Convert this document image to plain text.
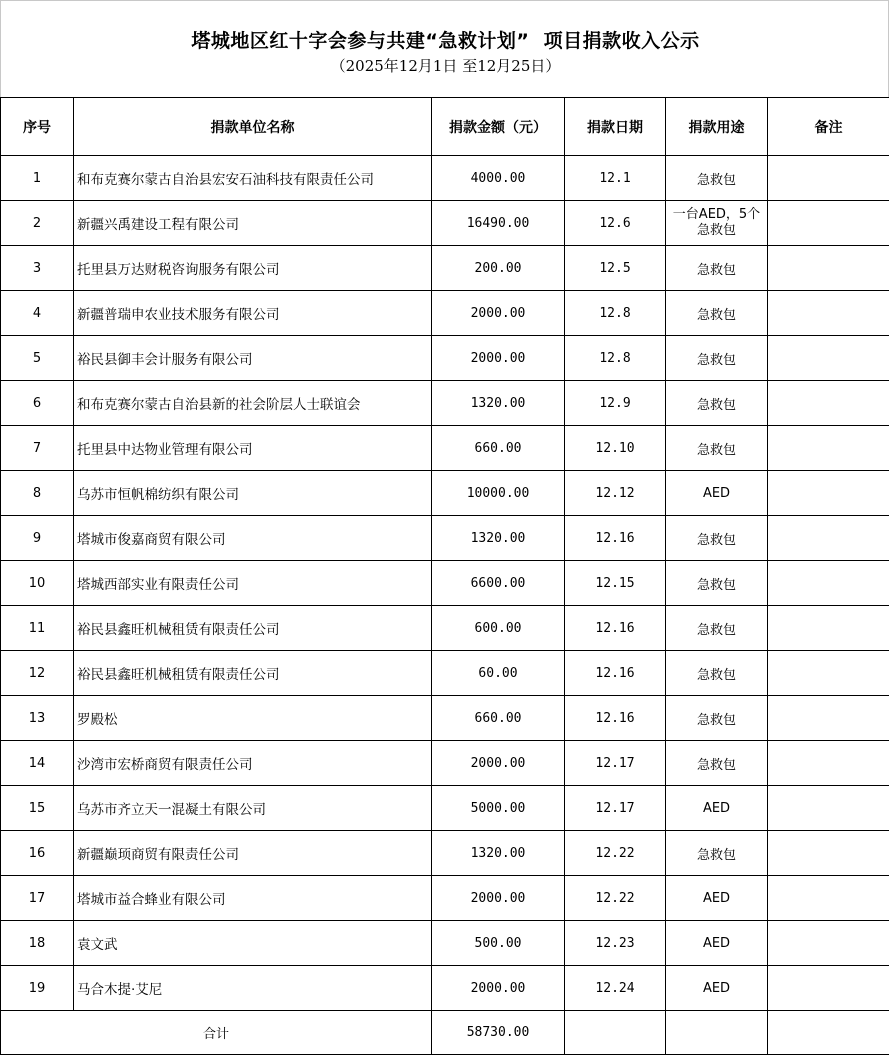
塔城地区红十字会参与共建“急救计划”  项目捐款收入公示
（2025年12月1日 至12月25日）
序号	捐款单位名称	捐款金额（元）	捐款日期	捐款用途	备注
1	和布克赛尔蒙古自治县宏安石油科技有限责任公司	4000.00	12.1	急救包	
2	新疆兴禹建设工程有限公司	16490.00	12.6	一台AED，5个急救包	
3	托里县万达财税咨询服务有限公司	200.00	12.5	急救包	
4	新疆普瑞申农业技术服务有限公司	2000.00	12.8	急救包	
5	裕民县御丰会计服务有限公司	2000.00	12.8	急救包	
6	和布克赛尔蒙古自治县新的社会阶层人士联谊会	1320.00	12.9	急救包	
7	托里县中达物业管理有限公司	660.00	12.10	急救包	
8	乌苏市恒帆棉纺织有限公司	10000.00	12.12	AED	
9	塔城市俊嘉商贸有限公司	1320.00	12.16	急救包	
10	塔城西部实业有限责任公司	6600.00	12.15	急救包	
11	裕民县鑫旺机械租赁有限责任公司	600.00	12.16	急救包	
12	裕民县鑫旺机械租赁有限责任公司	60.00	12.16	急救包	
13	罗殿松	660.00	12.16	急救包	
14	沙湾市宏桥商贸有限责任公司	2000.00	12.17	急救包	
15	乌苏市齐立天一混凝土有限公司	5000.00	12.17	AED	
16	新疆巅顼商贸有限责任公司	1320.00	12.22	急救包	
17	塔城市益合蜂业有限公司	2000.00	12.22	AED	
18	袁文武	500.00	12.23	AED	
19	马合木提·艾尼	2000.00	12.24	AED	
合计		58730.00			
